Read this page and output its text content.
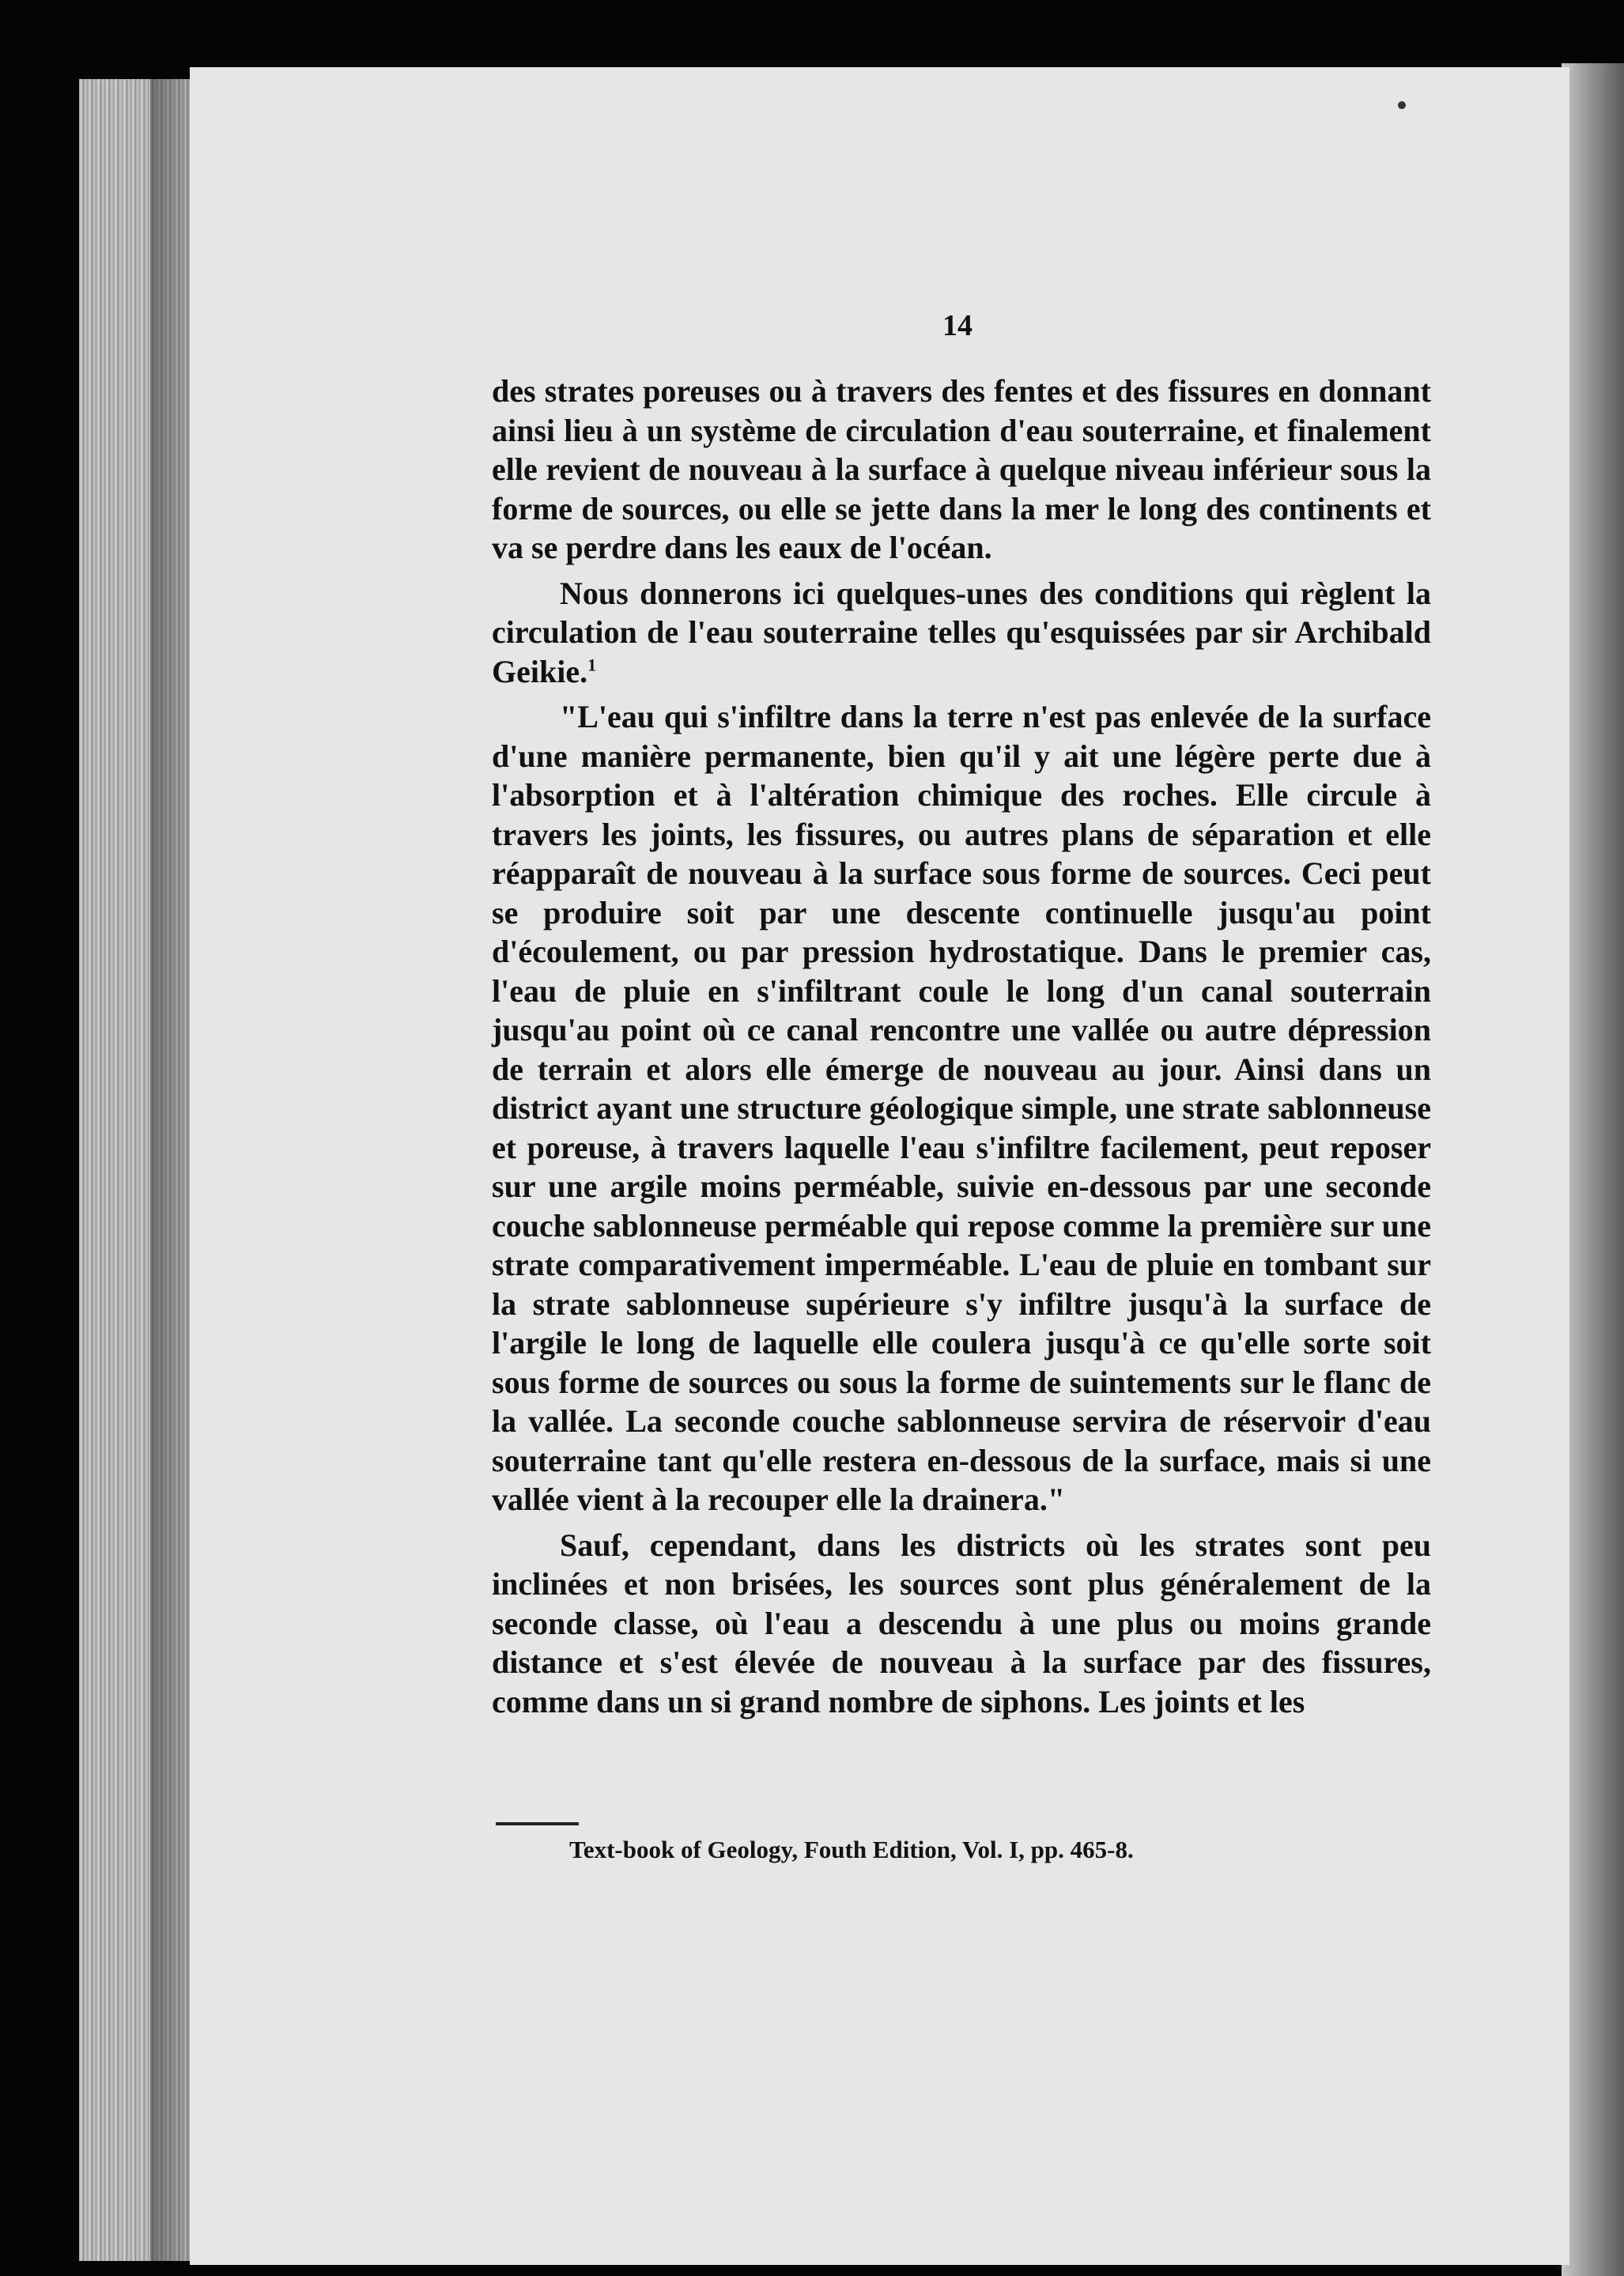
14

des strates poreuses ou à travers des fentes et des fissures en donnant ainsi lieu à un système de circulation d'eau souterraine, et finalement elle revient de nouveau à la surface à quelque niveau inférieur sous la forme de sources, ou elle se jette dans la mer le long des continents et va se perdre dans les eaux de l'océan.

Nous donnerons ici quelques-unes des conditions qui règlent la circulation de l'eau souterraine telles qu'esquissées par sir Archibald Geikie.$^1$

"L'eau qui s'infiltre dans la terre n'est pas enlevée de la surface d'une manière permanente, bien qu'il y ait une légère perte due à l'absorption et à l'altération chimique des roches. Elle circule à travers les joints, les fissures, ou autres plans de séparation et elle réapparaît de nouveau à la surface sous forme de sources. Ceci peut se produire soit par une descente continuelle jusqu'au point d'écoulement, ou par pression hydrostatique. Dans le premier cas, l'eau de pluie en s'infiltrant coule le long d'un canal souterrain jusqu'au point où ce canal rencontre une vallée ou autre dépression de terrain et alors elle émerge de nouveau au jour. Ainsi dans un district ayant une structure géologique simple, une strate sablonneuse et poreuse, à travers laquelle l'eau s'infiltre facilement, peut reposer sur une argile moins perméable, suivie en-dessous par une seconde couche sablonneuse perméable qui repose comme la première sur une strate comparativement imperméable. L'eau de pluie en tombant sur la strate sablonneuse supérieure s'y infiltre jusqu'à la surface de l'argile le long de laquelle elle coulera jusqu'à ce qu'elle sorte soit sous forme de sources ou sous la forme de suintements sur le flanc de la vallée. La seconde couche sablonneuse servira de réservoir d'eau souterraine tant qu'elle restera en-dessous de la surface, mais si une vallée vient à la recouper elle la drainera."

Sauf, cependant, dans les districts où les strates sont peu inclinées et non brisées, les sources sont plus généralement de la seconde classe, où l'eau a descendu à une plus ou moins grande distance et s'est élevée de nouveau à la surface par des fissures, comme dans un si grand nombre de siphons. Les joints et les

Text-book of Geology, Fouth Edition, Vol. I, pp. 465-8.
